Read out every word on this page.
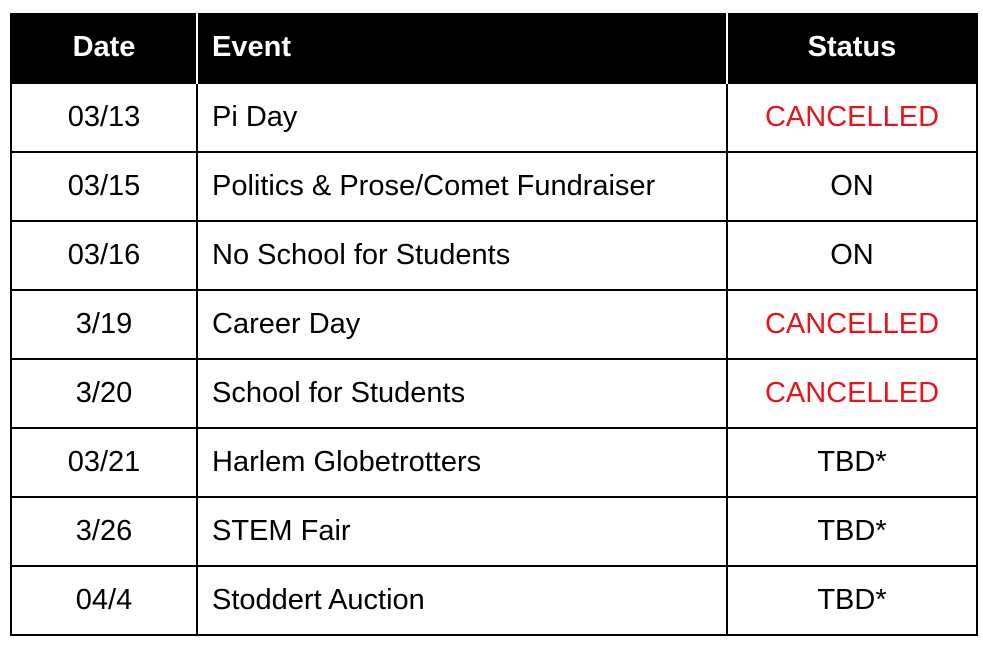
Date	Event	Status
03/13	Pi Day	CANCELLED
03/15	Politics & Prose/Comet Fundraiser	ON
03/16	No School for Students	ON
3/19	Career Day	CANCELLED
3/20	School for Students	CANCELLED
03/21	Harlem Globetrotters	TBD*
3/26	STEM Fair	TBD*
04/4	Stoddert Auction	TBD*
